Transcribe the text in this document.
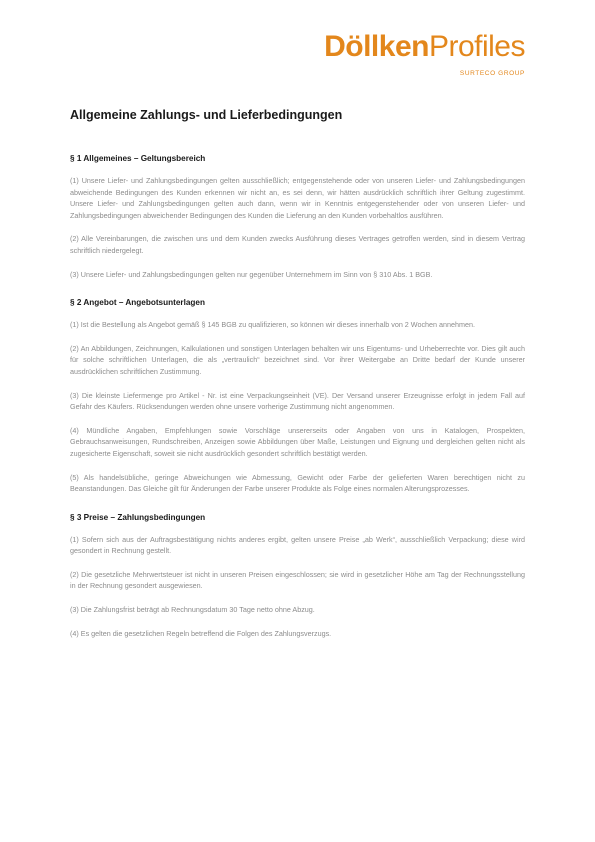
DöllkenProfiles
SURTECO GROUP
Allgemeine Zahlungs- und Lieferbedingungen
§ 1 Allgemeines – Geltungsbereich

(1) Unsere Liefer- und Zahlungsbedingungen gelten ausschließlich; entgegenstehende oder von unseren Liefer- und Zahlungsbedingungen abweichende Bedingungen des Kunden erkennen wir nicht an, es sei denn, wir hätten ausdrücklich schriftlich ihrer Geltung zugestimmt. Unsere Liefer- und Zahlungsbedingungen gelten auch dann, wenn wir in Kenntnis entgegenstehender oder von unseren Liefer- und Zahlungsbedingungen abweichender Bedingungen des Kunden die Lieferung an den Kunden vorbehaltlos ausführen.

(2) Alle Vereinbarungen, die zwischen uns und dem Kunden zwecks Ausführung dieses Vertrages getroffen werden, sind in diesem Vertrag schriftlich niedergelegt.

(3) Unsere Liefer- und Zahlungsbedingungen gelten nur gegenüber Unternehmern im Sinn von § 310 Abs. 1 BGB.

§ 2 Angebot – Angebotsunterlagen

(1) Ist die Bestellung als Angebot gemäß § 145 BGB zu qualifizieren, so können wir dieses innerhalb von 2 Wochen annehmen.

(2) An Abbildungen, Zeichnungen, Kalkulationen und sonstigen Unterlagen behalten wir uns Eigentums- und Urheberrechte vor. Dies gilt auch für solche schriftlichen Unterlagen, die als „vertraulich“ bezeichnet sind. Vor ihrer Weitergabe an Dritte bedarf der Kunde unserer ausdrücklichen schriftlichen Zustimmung.

(3) Die kleinste Liefermenge pro Artikel - Nr. ist eine Verpackungseinheit (VE). Der Versand unserer Erzeugnisse erfolgt in jedem Fall auf Gefahr des Käufers. Rücksendungen werden ohne unsere vorherige Zustimmung nicht angenommen.

(4) Mündliche Angaben, Empfehlungen sowie Vorschläge unsererseits oder Angaben von uns in Katalogen, Prospekten, Gebrauchsanweisungen, Rundschreiben, Anzeigen sowie Abbildungen über Maße, Leistungen und Eignung und dergleichen gelten nicht als zugesicherte Eigenschaft, soweit sie nicht ausdrücklich gesondert schriftlich bestätigt werden.

(5) Als handelsübliche, geringe Abweichungen wie Abmessung, Gewicht oder Farbe der gelieferten Waren berechtigen nicht zu Beanstandungen. Das Gleiche gilt für Änderungen der Farbe unserer Produkte als Folge eines normalen Alterungsprozesses.

§ 3 Preise – Zahlungsbedingungen

(1) Sofern sich aus der Auftragsbestätigung nichts anderes ergibt, gelten unsere Preise „ab Werk“, ausschließlich Verpackung; diese wird gesondert in Rechnung gestellt.

(2) Die gesetzliche Mehrwertsteuer ist nicht in unseren Preisen eingeschlossen; sie wird in gesetzlicher Höhe am Tag der Rechnungsstellung in der Rechnung gesondert ausgewiesen.

(3) Die Zahlungsfrist beträgt ab Rechnungsdatum 30 Tage netto ohne Abzug.

(4) Es gelten die gesetzlichen Regeln betreffend die Folgen des Zahlungsverzugs.
